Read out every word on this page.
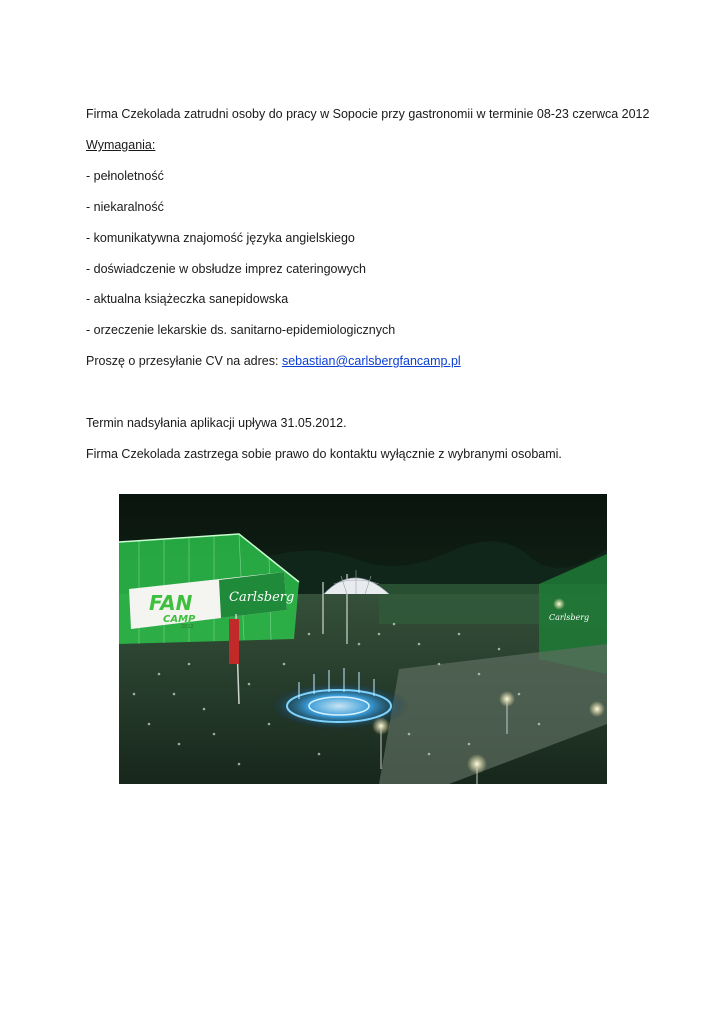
Firma Czekolada zatrudni osoby do pracy w Sopocie przy gastronomii w terminie 08-23 czerwca 2012
Wymagania:
- pełnoletność
- niekaralność
- komunikatywna znajomość języka angielskiego
- doświadczenie w obsłudze imprez cateringowych
- aktualna książeczka sanepidowska
- orzeczenie lekarskie ds. sanitarno-epidemiologicznych
Proszę o przesyłanie CV na adres: sebastian@carlsbergfancamp.pl
Termin nadsyłania aplikacji upływa 31.05.2012.
Firma Czekolada zastrzega sobie prawo do kontaktu wyłącznie z wybranymi osobami.
FAN
CAMP
2012
Carlsberg
Carlsberg
